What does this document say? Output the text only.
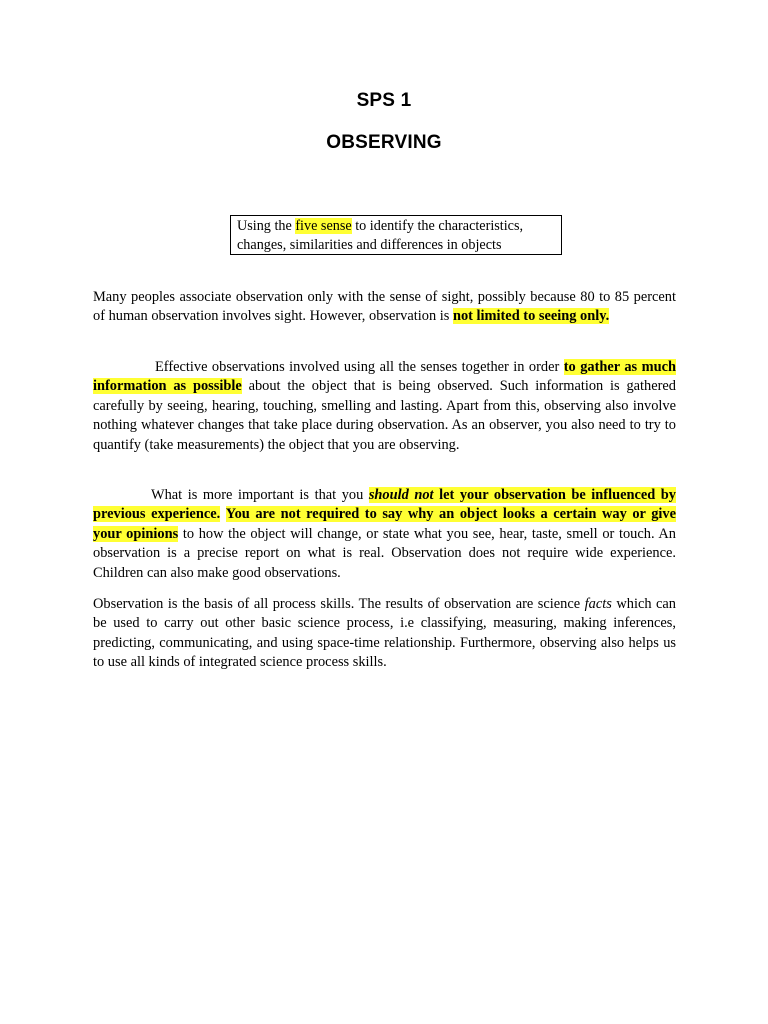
SPS 1
OBSERVING
Using the five sense to identify the characteristics, changes, similarities and differences in objects

Many peoples associate observation only with the sense of sight, possibly because 80 to 85 percent of human observation involves sight. However, observation is not limited to seeing only.

Effective observations involved using all the senses together in order to gather as much information as possible about the object that is being observed. Such information is gathered carefully by seeing, hearing, touching, smelling and lasting. Apart from this, observing also involve nothing whatever changes that take place during observation. As an observer, you also need to try to quantify (take measurements) the object that you are observing.

What is more important is that you should not let your observation be influenced by previous experience. You are not required to say why an object looks a certain way or give your opinions to how the object will change, or state what you see, hear, taste, smell or touch. An observation is a precise report on what is real. Observation does not require wide experience. Children can also make good observations.

Observation is the basis of all process skills. The results of observation are science facts which can be used to carry out other basic science process, i.e classifying, measuring, making inferences, predicting, communicating, and using space-time relationship. Furthermore, observing also helps us to use all kinds of integrated science process skills.
